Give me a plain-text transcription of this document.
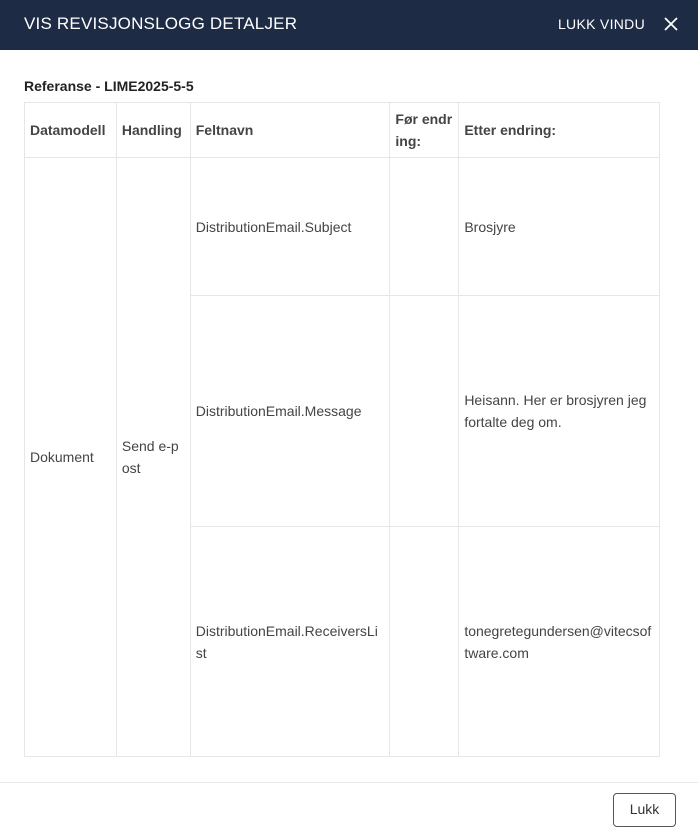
VIS REVISJONSLOGG DETALJER	LUKK VINDU
Referanse - LIME2025-5-5
Datamodell	Handling	Feltnavn	Før endring:	Etter endring:
Dokument	Send e-post	DistributionEmail.Subject		Brosjyre
		DistributionEmail.Message		Heisann. Her er brosjyren jeg fortalte deg om.
		DistributionEmail.ReceiversList		tonegretegundersen@vitecsoftware.com
Lukk
